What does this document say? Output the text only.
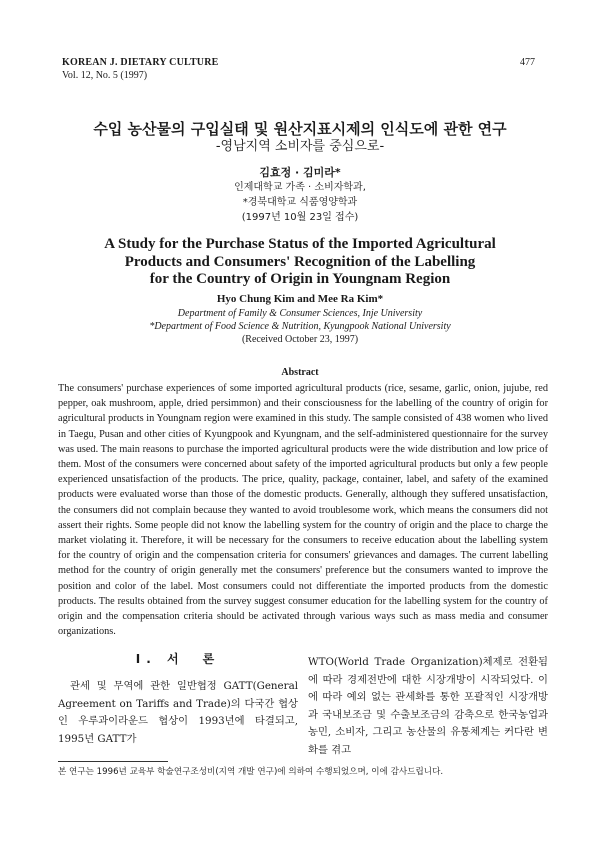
KOREAN J. DIETARY CULTURE
Vol. 12, No. 5 (1997)
477
수입 농산물의 구입실태 및 원산지표시제의 인식도에 관한 연구
-영남지역 소비자를 중심으로-
김효정 · 김미라*
인제대학교 가족 · 소비자학과,
*경북대학교 식품영양학과
(1997년 10월 23일 접수)
A Study for the Purchase Status of the Imported Agricultural
Products and Consumers' Recognition of the Labelling
for the Country of Origin in Youngnam Region
Hyo Chung Kim and Mee Ra Kim*
Department of Family & Consumer Sciences, Inje University
*Department of Food Science & Nutrition, Kyungpook National University
(Received October 23, 1997)
Abstract

The consumers' purchase experiences of some imported agricultural products (rice, sesame, garlic, onion, jujube, red pepper, oak mushroom, apple, dried persimmon) and their consciousness for the labelling of the country of origin for agricultural products in Youngnam region were examined in this study. The sample consisted of 438 women who lived in Taegu, Pusan and other cities of Kyungpook and Kyungnam, and the self-administered questionnaire for the survey was used. The main reasons to purchase the imported agricultural products were the wide distribution and low price of them. Most of the consumers were concerned about safety of the imported agricultural products but only a few people experienced unsatisfaction of the products. The price, quality, package, container, label, and safety of the examined products were evaluated worse than those of the domestic products. Generally, although they suffered unsatisfaction, the consumers did not complain because they wanted to avoid troublesome work, which means the consumers did not assert their rights. Some people did not know the labelling system for the country of origin and the place to charge the market violating it. Therefore, it will be necessary for the consumers to receive education about the labelling system for the country of origin and the compensation criteria for consumers' grievances and damages. The current labelling method for the country of origin generally met the consumers' preference but the consumers wanted to improve the position and color of the label. Most consumers could not differentiate the imported products from the domestic products. The results obtained from the survey suggest consumer education for the labelling system for the country of origin and the compensation criteria should be activated through various ways such as mass media and consumer organizations.

I. 서　론

관세 및 무역에 관한 일반협정 GATT(General Agreement on Tariffs and Trade)의 다국간 협상인 우루과이라운드 협상이 1993년에 타결되고, 1995년 GATT가

WTO(World Trade Organization)체제로 전환됨에 따라 경제전반에 대한 시장개방이 시작되었다. 이에 따라 예외 없는 관세화를 통한 포괄적인 시장개방과 국내보조금 및 수출보조금의 감축으로 한국농업과 농민, 소비자, 그리고 농산물의 유통체계는 커다란 변화를 겪고

본 연구는 1996년 교육부 학술연구조성비(지역 개발 연구)에 의하여 수행되었으며, 이에 감사드립니다.
